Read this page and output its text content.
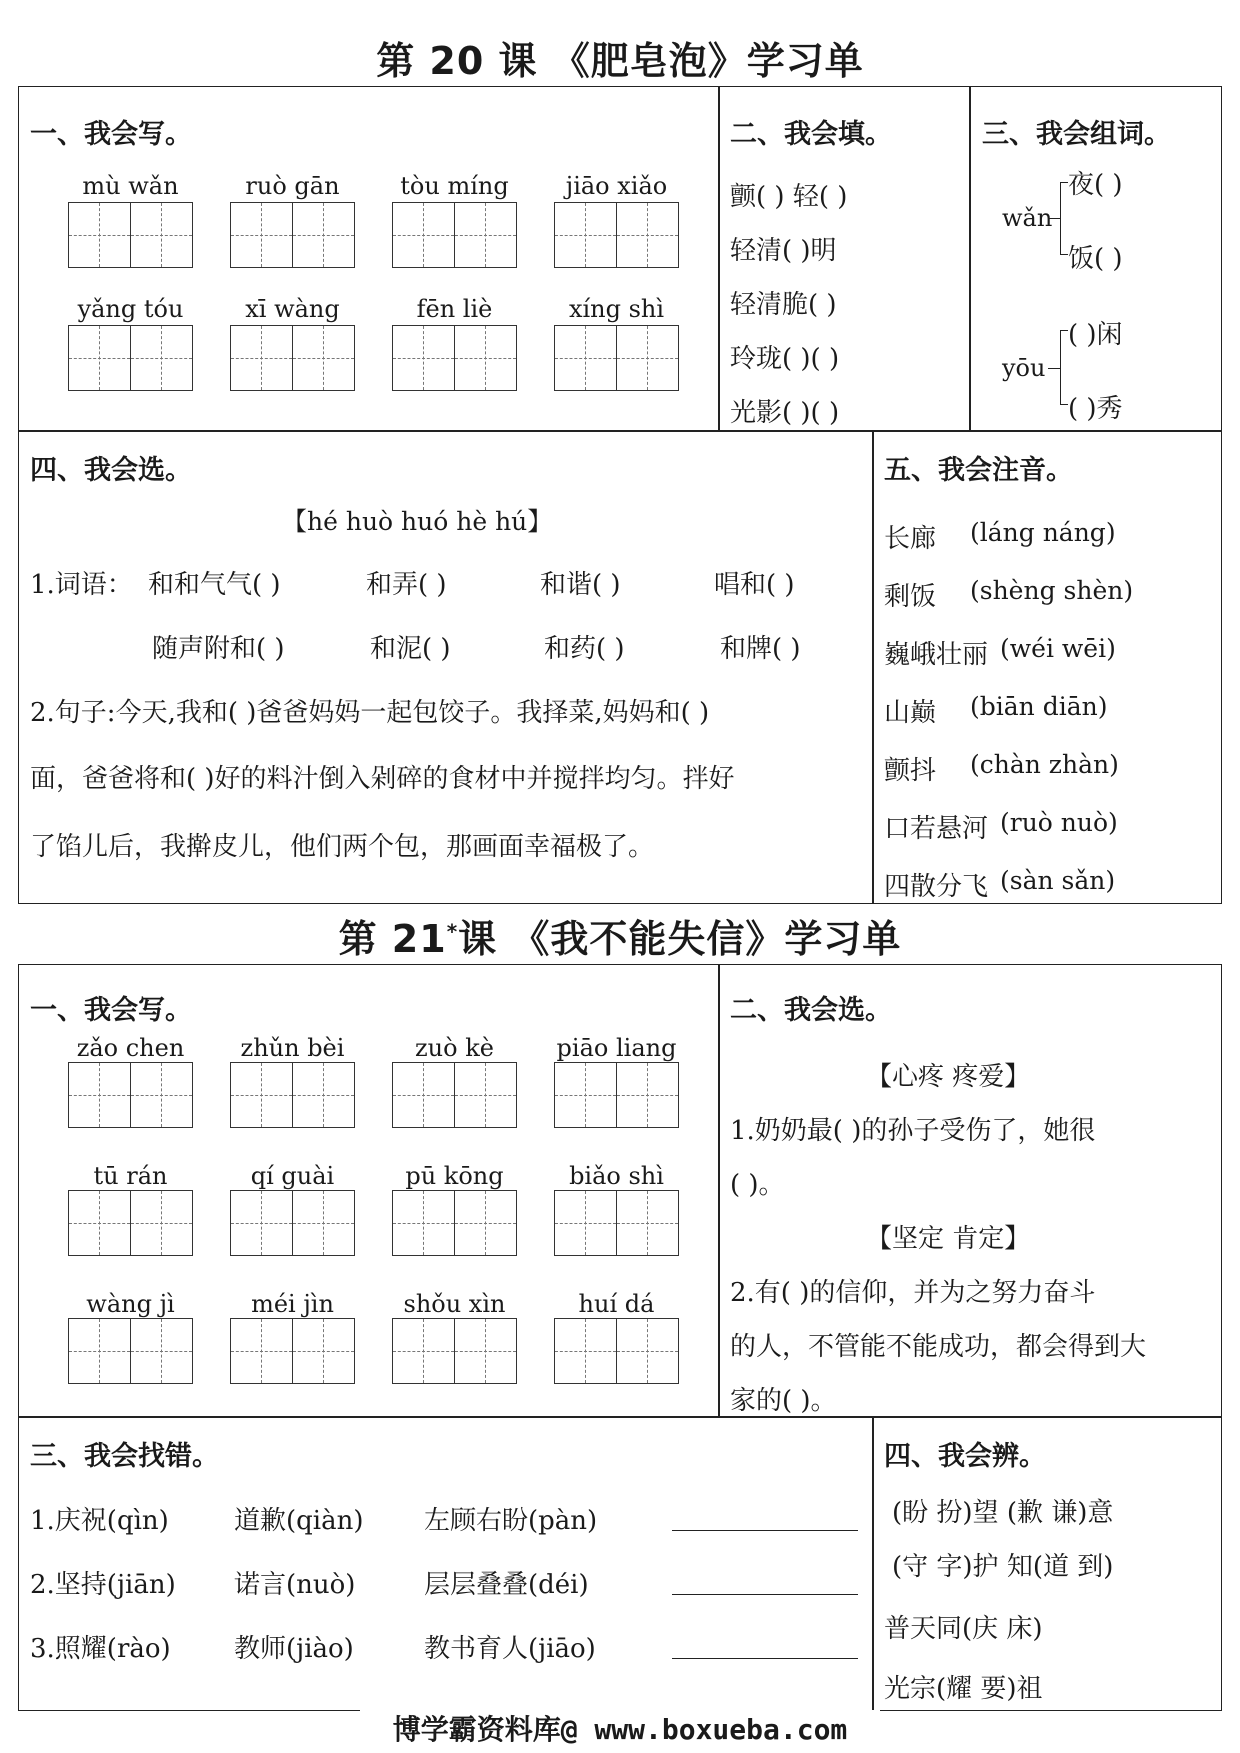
第 20 课 《肥皂泡》学习单
一、我会写。
mù wǎn	ruò gān	tòu míng	jiāo xiǎo
yǎng tóu	xī wàng	fēn liè	xíng shì
二、我会填。
颤( ) 轻( )
轻清( )明
轻清脆( )
玲珑( )( )
光影( )( )
三、我会组词。
wǎn
夜( )
饭( )
yōu
( )闲
( )秀
四、我会选。
【hé huò huó hè hú】
1.词语： 和和气气( )	和弄( )	和谐( )	唱和( )
随声附和( )	和泥( )	和药( )	和牌( )
2.句子:今天,我和( )爸爸妈妈一起包饺子。我择菜,妈妈和( )
面，爸爸将和( )好的料汁倒入剁碎的食材中并搅拌均匀。拌好
了馅儿后，我擀皮儿，他们两个包，那画面幸福极了。
五、我会注音。
长廊 (láng náng)
剩饭 (shèng shèn)
巍峨壮丽 (wéi wēi)
山巅 (biān diān)
颤抖 (chàn zhàn)
口若悬河 (ruò nuò)
四散分飞 (sàn sǎn)
第 21*课 《我不能失信》学习单
一、我会写。
zǎo chen	zhǔn bèi	zuò kè	piāo liang
tū rán	qí guài	pū kōng	biǎo shì
wàng jì	méi jìn	shǒu xìn	huí dá
二、我会选。
【心疼 疼爱】
1.奶奶最( )的孙子受伤了，她很
( )。
【坚定 肯定】
2.有( )的信仰，并为之努力奋斗
的人，不管能不能成功，都会得到大
家的( )。
三、我会找错。
1.庆祝(qìn)	道歉(qiàn) 左顾右盼(pàn)
2.坚持(jiān) 诺言(nuò)	层层叠叠(déi)
3.照耀(rào) 教师(jiào)	教书育人(jiāo)
四、我会辨。
(盼 扮)望 (歉 谦)意
(守 字)护 知(道 到)
普天同(庆 床)
光宗(耀 要)祖
博学霸资料库@ www.boxueba.com
